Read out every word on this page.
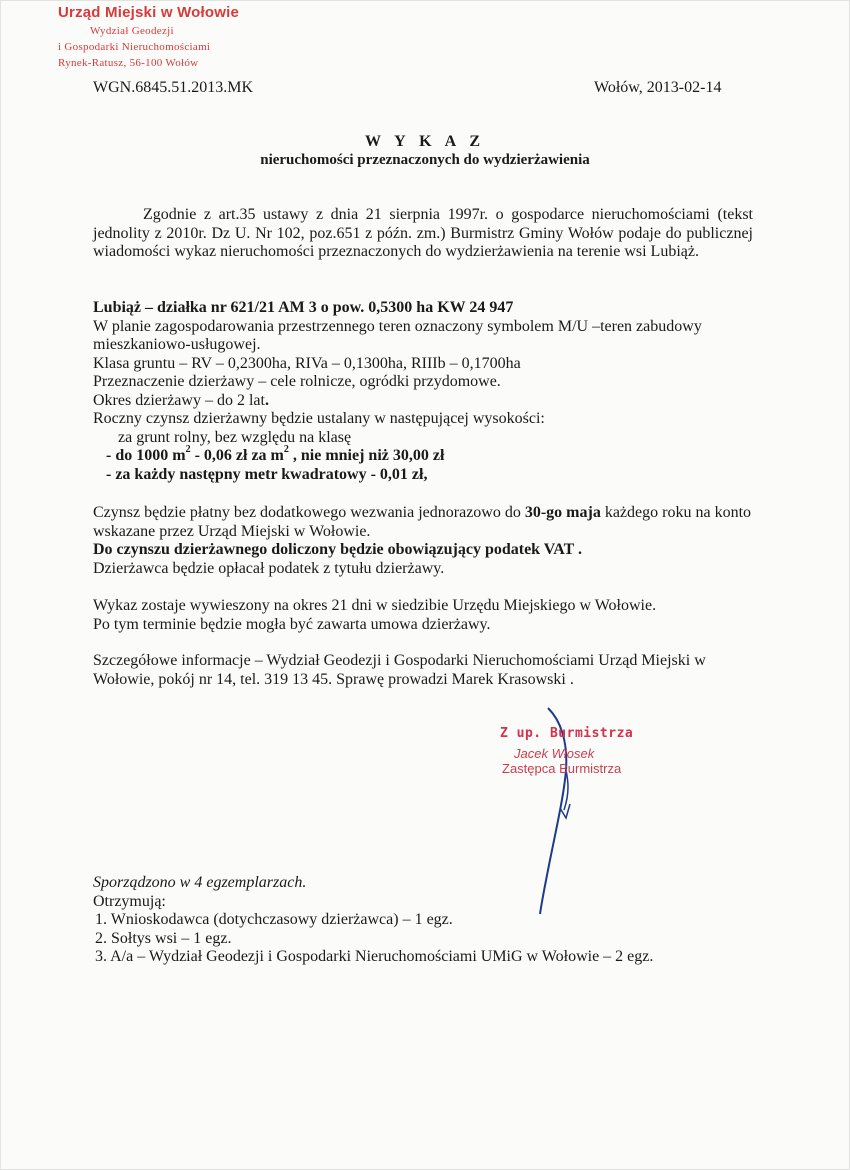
Urząd Miejski w Wołowie
Wydział Geodezji
i Gospodarki Nieruchomościami
Rynek-Ratusz, 56-100 Wołów
WGN.6845.51.2013.MK	Wołów, 2013-02-14
W Y K A Z
nieruchomości przeznaczonych do wydzierżawienia
Zgodnie z art.35 ustawy z dnia 21 sierpnia 1997r. o gospodarce nieruchomościami (tekst jednolity z 2010r. Dz U. Nr 102, poz.651 z późn. zm.) Burmistrz Gminy Wołów podaje do publicznej wiadomości wykaz nieruchomości przeznaczonych do wydzierżawienia na terenie wsi Lubiąż.
Lubiąż – działka nr 621/21 AM 3 o pow. 0,5300 ha KW 24 947
W planie zagospodarowania przestrzennego teren oznaczony symbolem M/U –teren zabudowy mieszkaniowo-usługowej.
Klasa gruntu – RV – 0,2300ha, RIVa – 0,1300ha, RIIIb – 0,1700ha
Przeznaczenie dzierżawy – cele rolnicze, ogródki przydomowe.
Okres dzierżawy – do 2 lat.
Roczny czynsz dzierżawny będzie ustalany w następującej wysokości:
za grunt rolny, bez względu na klasę
- do 1000 $m^2 - 0,06$ zł za $m^2$ , nie mniej niż 30,00 zł
- za każdy następny metr kwadratowy - 0,01 zł,
Czynsz będzie płatny bez dodatkowego wezwania jednorazowo do 30-go maja każdego roku na konto wskazane przez Urząd Miejski w Wołowie.
Do czynszu dzierżawnego doliczony będzie obowiązujący podatek VAT .
Dzierżawca będzie opłacał podatek z tytułu dzierżawy.
Wykaz zostaje wywieszony na okres 21 dni w siedzibie Urzędu Miejskiego w Wołowie.
Po tym terminie będzie mogła być zawarta umowa dzierżawy.
Szczegółowe informacje – Wydział Geodezji i Gospodarki Nieruchomościami Urząd Miejski w Wołowie, pokój nr 14, tel. 319 13 45. Sprawę prowadzi Marek Krasowski .
Z up. Burmistrza
Jacek Włosek
Zastępca Burmistrza
Sporządzono w 4 egzemplarzach.
Otrzymują:
1. Wnioskodawca (dotychczasowy dzierżawca) – 1 egz.
2. Sołtys wsi – 1 egz.
3. A/a – Wydział Geodezji i Gospodarki Nieruchomościami UMiG w Wołowie – 2 egz.
